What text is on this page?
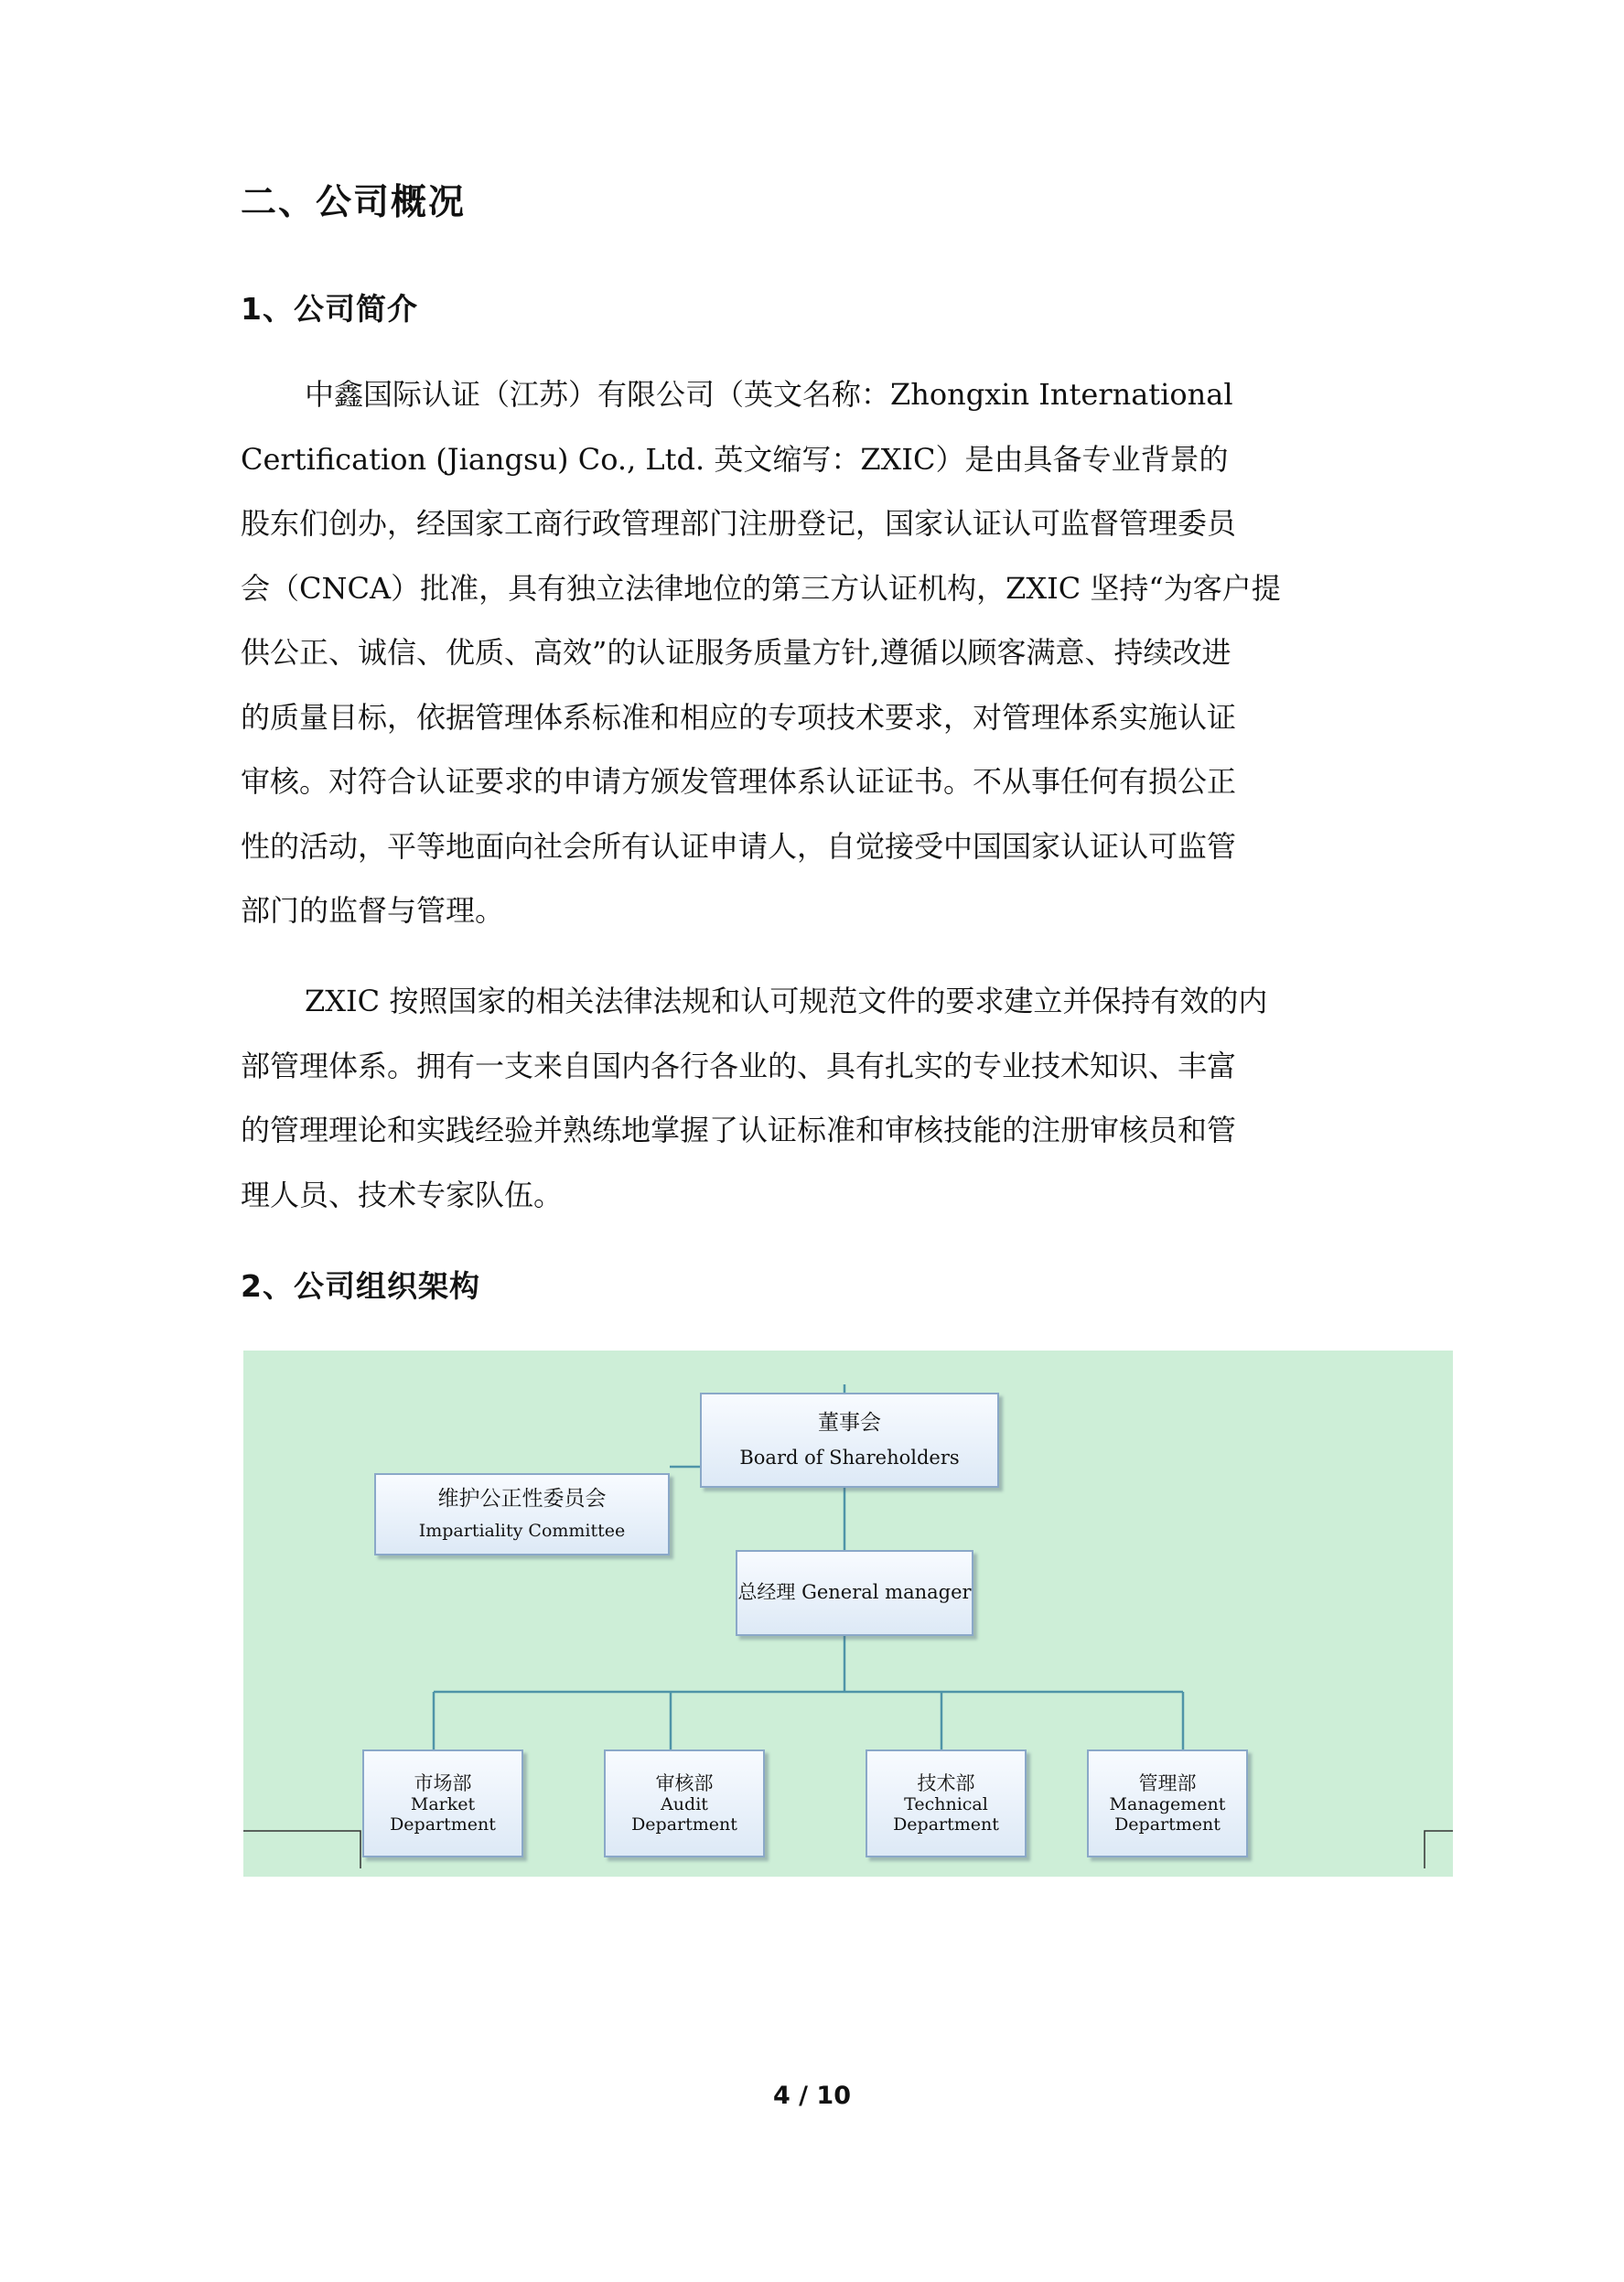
二、公司概况
1、公司简介
中鑫国际认证（江苏）有限公司（英文名称：Zhongxin International
Certification (Jiangsu) Co., Ltd. 英文缩写：ZXIC）是由具备专业背景的
股东们创办，经国家工商行政管理部门注册登记，国家认证认可监督管理委员
会（CNCA）批准，具有独立法律地位的第三方认证机构，ZXIC 坚持“为客户提
供公正、诚信、优质、高效”的认证服务质量方针,遵循以顾客满意、持续改进
的质量目标，依据管理体系标准和相应的专项技术要求，对管理体系实施认证
审核。对符合认证要求的申请方颁发管理体系认证证书。不从事任何有损公正
性的活动，平等地面向社会所有认证申请人，自觉接受中国国家认证认可监管
部门的监督与管理。
ZXIC 按照国家的相关法律法规和认可规范文件的要求建立并保持有效的内
部管理体系。拥有一支来自国内各行各业的、具有扎实的专业技术知识、丰富
的管理理论和实践经验并熟练地掌握了认证标准和审核技能的注册审核员和管
理人员、技术专家队伍。
2、公司组织架构
董事会
Board of Shareholders
维护公正性委员会
Impartiality Committee
总经理 General manager
市场部
Market
Department
审核部
Audit
Department
技术部
Technical
Department
管理部
Management
Department
4 / 10
